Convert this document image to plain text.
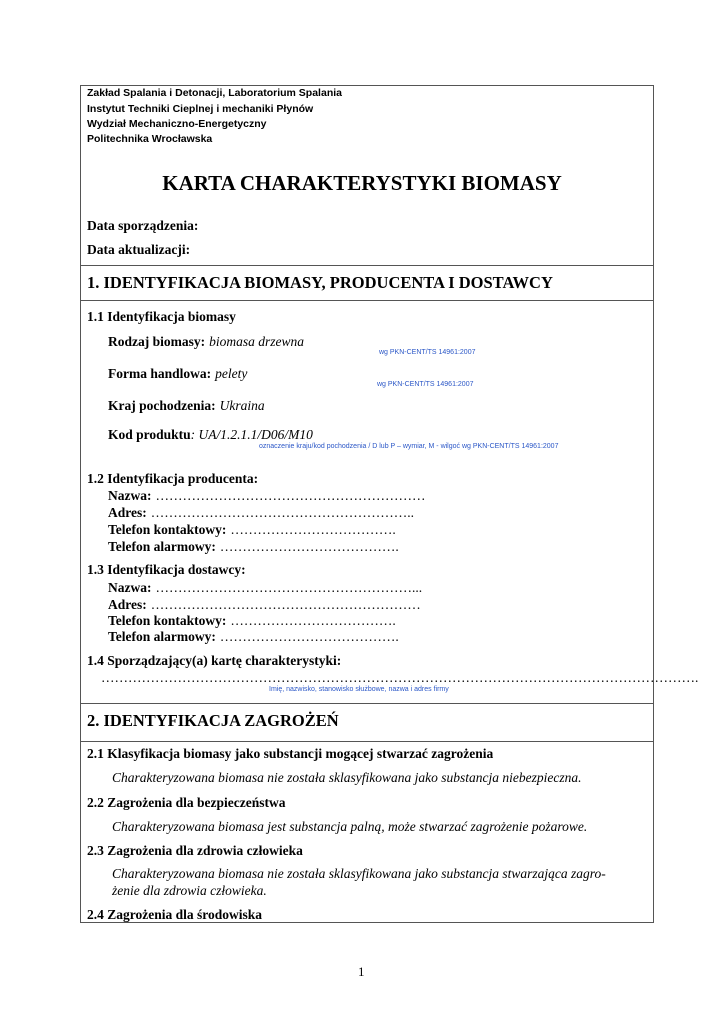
Zakład Spalania i Detonacji, Laboratorium Spalania
Instytut Techniki Cieplnej i mechaniki Płynów
Wydział Mechaniczno-Energetyczny
Politechnika Wrocławska
KARTA CHARAKTERYSTYKI BIOMASY
Data sporządzenia:
Data aktualizacji:
1. IDENTYFIKACJA BIOMASY, PRODUCENTA I DOSTAWCY
1.1 Identyfikacja biomasy
Rodzaj biomasy: biomasa drzewna
wg PKN-CENT/TS 14961:2007
Forma handlowa: pelety
wg PKN-CENT/TS 14961:2007
Kraj pochodzenia: Ukraina
Kod produktu: UA/1.2.1.1/D06/M10
oznaczenie kraju/kod pochodzenia / D lub P – wymiar, M - wilgoć wg PKN-CENT/TS 14961:2007
1.2 Identyfikacja producenta:
Nazwa: ……………………………………………………
Adres: …………………………………………………..
Telefon kontaktowy: ……………………………….
Telefon alarmowy: ………………………………….
1.3 Identyfikacja dostawcy:
Nazwa: …………………………………………………...
Adres: ……………………………………………………
Telefon kontaktowy: ……………………………….
Telefon alarmowy: ………………………………….
1.4 Sporządzający(a) kartę charakterystyki:
…………………………………………………………………………………………………………………….
Imię, nazwisko, stanowisko służbowe, nazwa i adres firmy
2. IDENTYFIKACJA ZAGROŻEŃ
2.1 Klasyfikacja biomasy jako substancji mogącej stwarzać zagrożenia
Charakteryzowana biomasa nie została sklasyfikowana jako substancja niebezpieczna.
2.2 Zagrożenia dla bezpieczeństwa
Charakteryzowana biomasa jest substancja palną, może stwarzać zagrożenie pożarowe.
2.3 Zagrożenia dla zdrowia człowieka
Charakteryzowana biomasa nie została sklasyfikowana jako substancja stwarzająca zagro-
żenie dla zdrowia człowieka.
2.4 Zagrożenia dla środowiska
1
